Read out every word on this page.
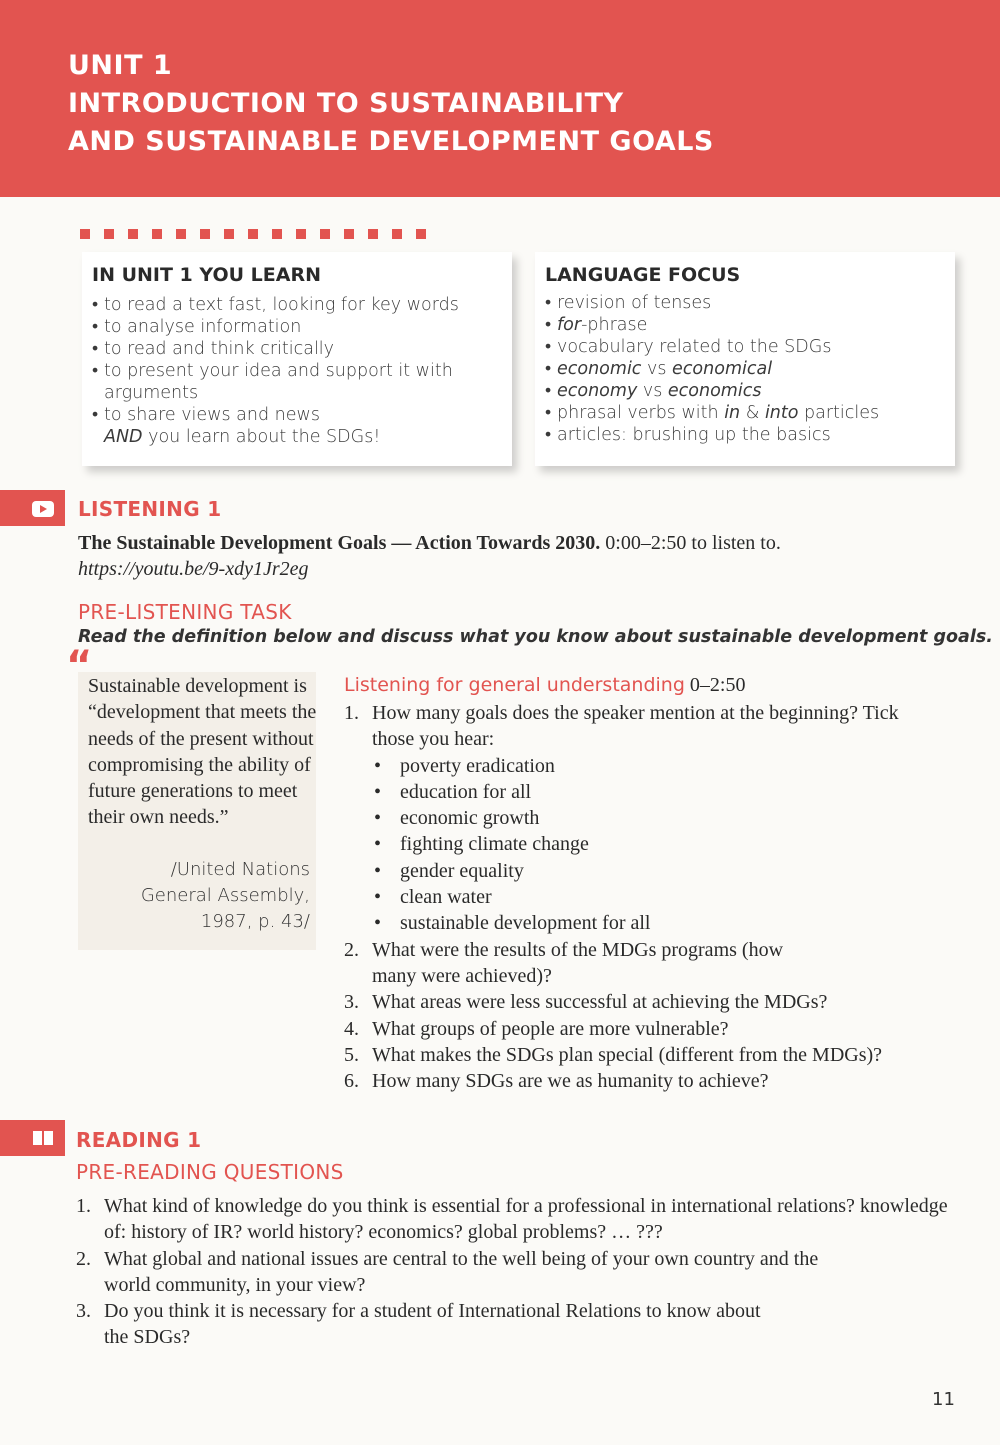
UNIT 1
INTRODUCTION TO SUSTAINABILITY
AND SUSTAINABLE DEVELOPMENT GOALS
IN UNIT 1 YOU LEARN
• to read a text fast, looking for key words
• to analyse information
• to read and think critically
• to present your idea and support it with arguments
• to share views and news
AND you learn about the SDGs!
LANGUAGE FOCUS
• revision of tenses
• for-phrase
• vocabulary related to the SDGs
• economic vs economical
• economy vs economics
• phrasal verbs with in & into particles
• articles: brushing up the basics
LISTENING 1
The Sustainable Development Goals — Action Towards 2030. 0:00–2:50 to listen to.
https://youtu.be/9-xdy1Jr2eg
PRE-LISTENING TASK
Read the definition below and discuss what you know about sustainable development goals.
“
Sustainable development is “development that meets the needs of the present without compromising the ability of future generations to meet their own needs.”
/United Nations
General Assembly,
1987, p. 43/
Listening for general understanding 0–2:50
1. How many goals does the speaker mention at the beginning? Tick those you hear:
• poverty eradication
• education for all
• economic growth
• fighting climate change
• gender equality
• clean water
• sustainable development for all
2. What were the results of the MDGs programs (how many were achieved)?
3. What areas were less successful at achieving the MDGs?
4. What groups of people are more vulnerable?
5. What makes the SDGs plan special (different from the MDGs)?
6. How many SDGs are we as humanity to achieve?
READING 1
PRE-READING QUESTIONS
1. What kind of knowledge do you think is essential for a professional in international relations? knowledge of: history of IR? world history? economics? global problems? … ???
2. What global and national issues are central to the well being of your own country and the world community, in your view?
3. Do you think it is necessary for a student of International Relations to know about the SDGs?
11
